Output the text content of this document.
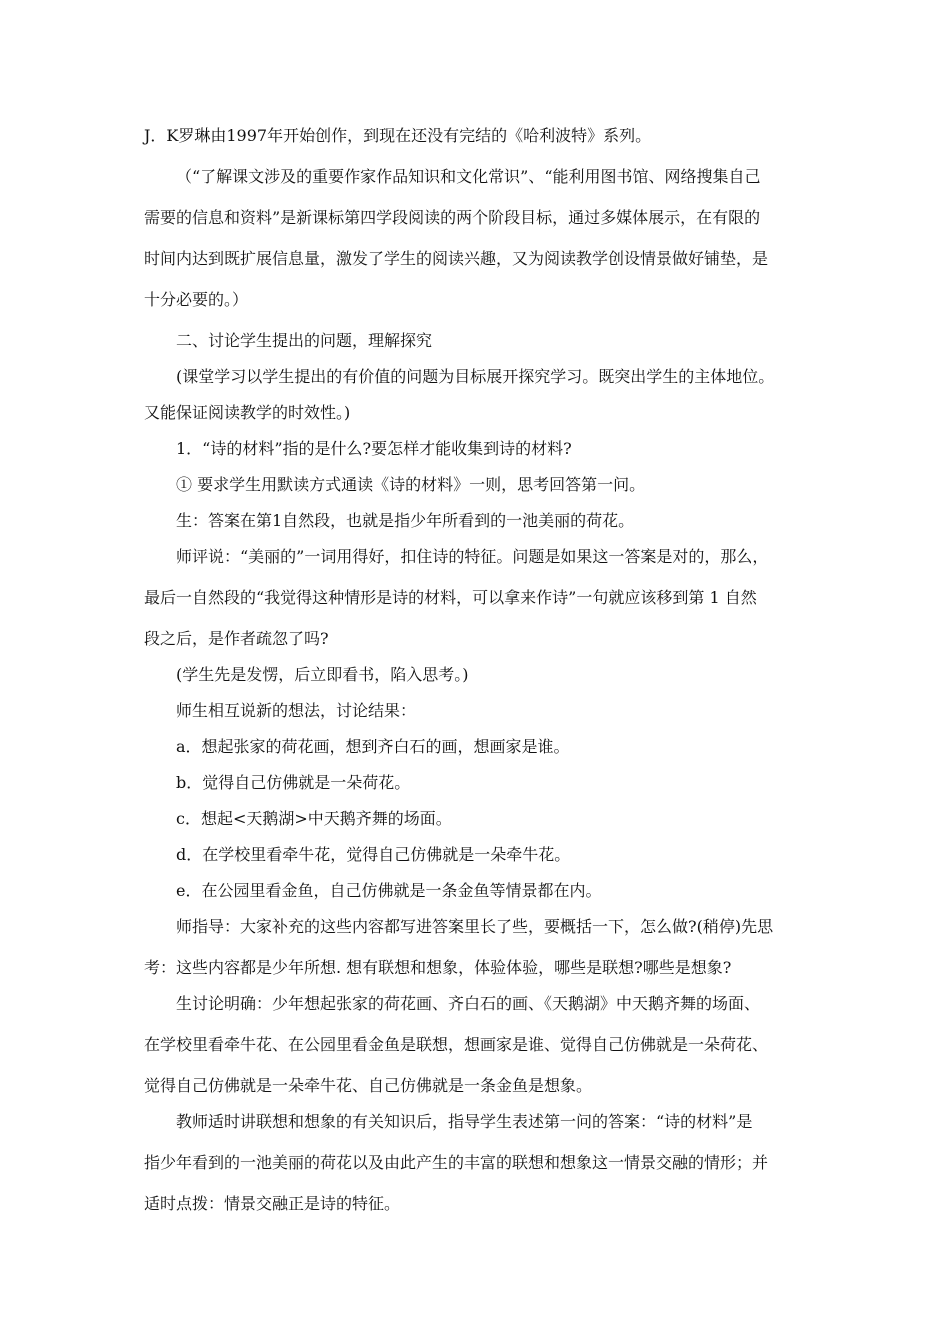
J．K罗琳由1997年开始创作，到现在还没有完结的《哈利波特》系列。
（“了解课文涉及的重要作家作品知识和文化常识”、“能利用图书馆、网络搜集自己
需要的信息和资料”是新课标第四学段阅读的两个阶段目标，通过多媒体展示，在有限的
时间内达到既扩展信息量，激发了学生的阅读兴趣，又为阅读教学创设情景做好铺垫，是
十分必要的。）
二、讨论学生提出的问题，理解探究
(课堂学习以学生提出的有价值的问题为目标展开探究学习。既突出学生的主体地位。
又能保证阅读教学的时效性。)
1．“诗的材料”指的是什么?要怎样才能收集到诗的材料?
① 要求学生用默读方式通读《诗的材料》一则，思考回答第一问。
生：答案在第1自然段，也就是指少年所看到的一池美丽的荷花。
师评说：“美丽的”一词用得好，扣住诗的特征。问题是如果这一答案是对的，那么，
最后一自然段的“我觉得这种情形是诗的材料，可以拿来作诗”一句就应该移到第 1 自然
段之后，是作者疏忽了吗?
(学生先是发愣，后立即看书，陷入思考。)
师生相互说新的想法，讨论结果：
a．想起张家的荷花画，想到齐白石的画，想画家是谁。
b．觉得自己仿佛就是一朵荷花。
c．想起<天鹅湖>中天鹅齐舞的场面。
d．在学校里看牵牛花，觉得自己仿佛就是一朵牵牛花。
e．在公园里看金鱼，自己仿佛就是一条金鱼等情景都在内。
师指导：大家补充的这些内容都写进答案里长了些，要概括一下，怎么做?(稍停)先思
考：这些内容都是少年所想. 想有联想和想象，体验体验，哪些是联想?哪些是想象?
生讨论明确：少年想起张家的荷花画、齐白石的画、《天鹅湖》中天鹅齐舞的场面、
在学校里看牵牛花、在公园里看金鱼是联想，想画家是谁、觉得自己仿佛就是一朵荷花、
觉得自己仿佛就是一朵牵牛花、自己仿佛就是一条金鱼是想象。
教师适时讲联想和想象的有关知识后，指导学生表述第一问的答案：“诗的材料”是
指少年看到的一池美丽的荷花以及由此产生的丰富的联想和想象这一情景交融的情形；并
适时点拨：情景交融正是诗的特征。
